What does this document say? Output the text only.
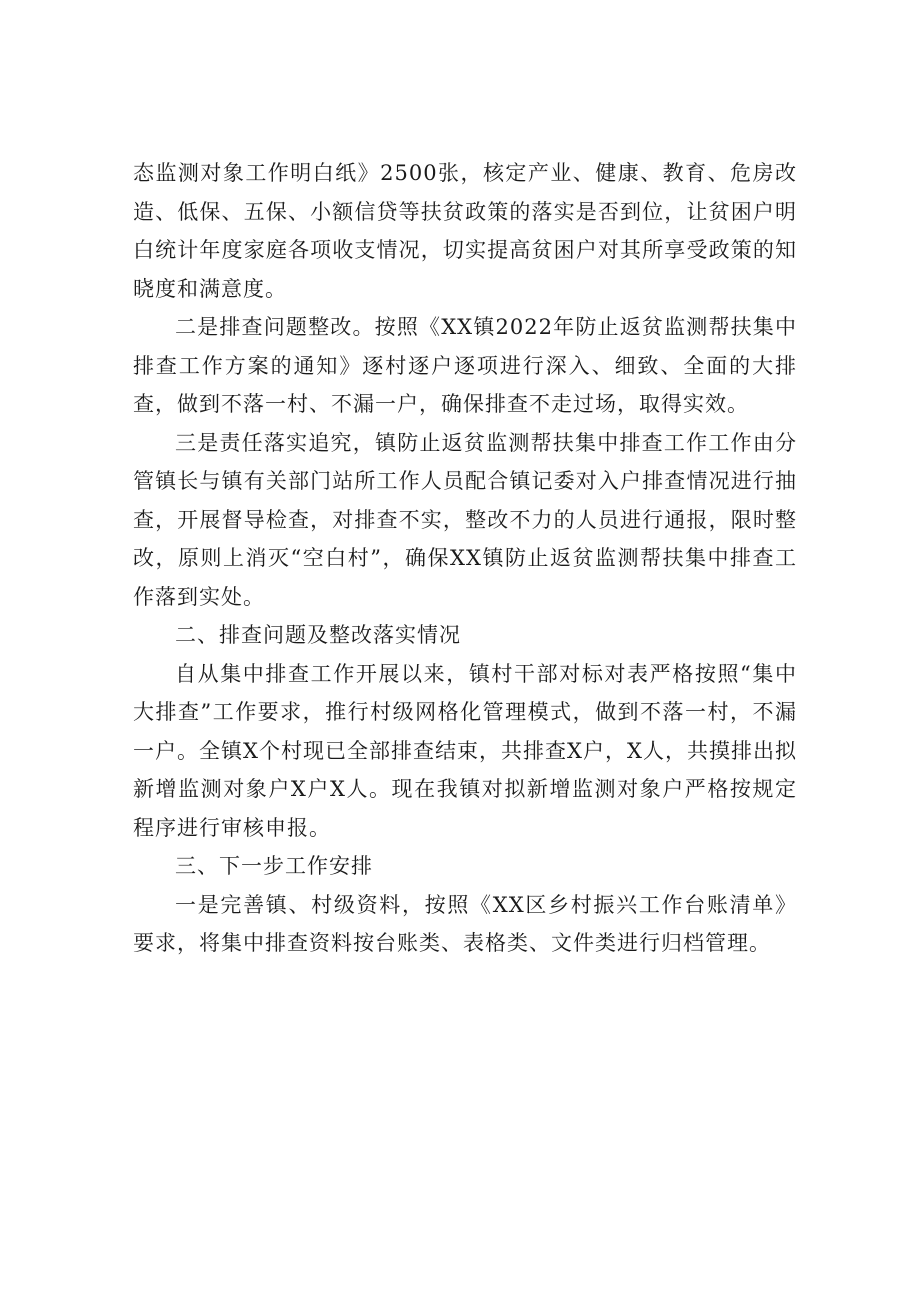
态监测对象工作明白纸》2500张，核定产业、健康、教育、危房改造、低保、五保、小额信贷等扶贫政策的落实是否到位，让贫困户明白统计年度家庭各项收支情况，切实提高贫困户对其所享受政策的知晓度和满意度。

二是排查问题整改。按照《XX镇2022年防止返贫监测帮扶集中排查工作方案的通知》逐村逐户逐项进行深入、细致、全面的大排查，做到不落一村、不漏一户，确保排查不走过场，取得实效。

三是责任落实追究，镇防止返贫监测帮扶集中排查工作工作由分管镇长与镇有关部门站所工作人员配合镇记委对入户排查情况进行抽查，开展督导检查，对排查不实，整改不力的人员进行通报，限时整改，原则上消灭“空白村”，确保XX镇防止返贫监测帮扶集中排查工作落到实处。

二、排查问题及整改落实情况

自从集中排查工作开展以来，镇村干部对标对表严格按照“集中大排查”工作要求，推行村级网格化管理模式，做到不落一村，不漏一户。全镇X个村现已全部排查结束，共排查X户，X人，共摸排出拟新增监测对象户X户X人。现在我镇对拟新增监测对象户严格按规定程序进行审核申报。

三、下一步工作安排

一是完善镇、村级资料，按照《XX区乡村振兴工作台账清单》要求，将集中排查资料按台账类、表格类、文件类进行归档管理。
